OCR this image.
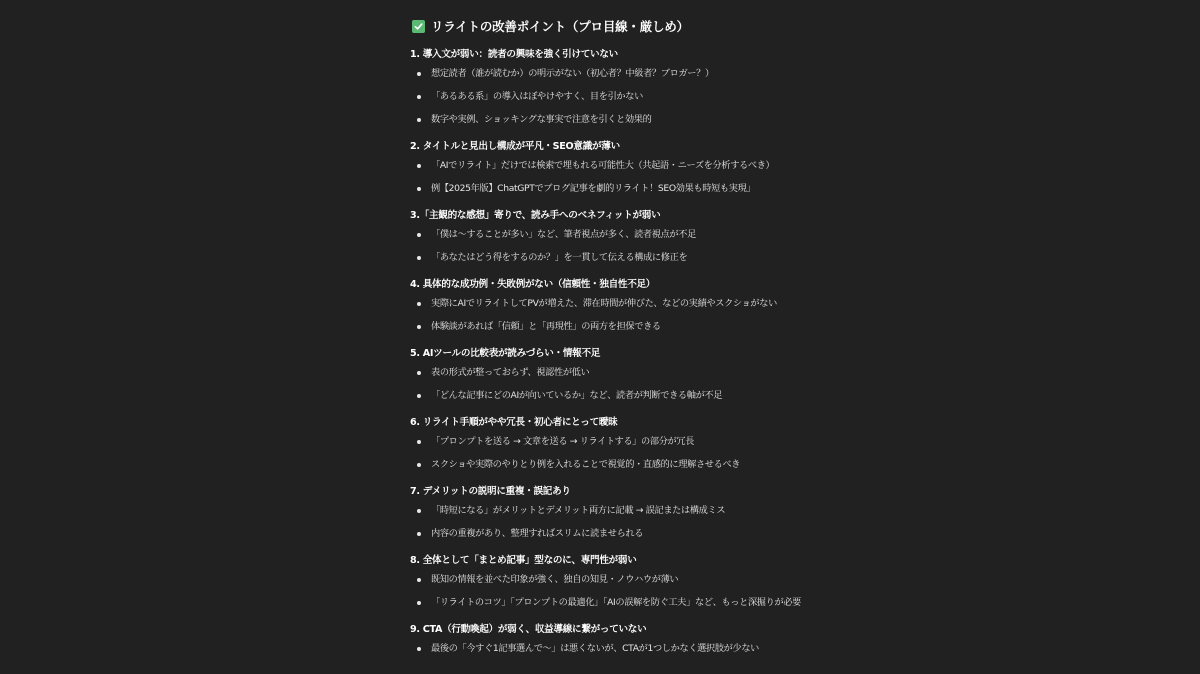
リライトの改善ポイント（プロ目線・厳しめ）
1. 導入文が弱い：読者の興味を強く引けていない
想定読者（誰が読むか）の明示がない（初心者？中級者？ブロガー？）
「あるある系」の導入はぼやけやすく、目を引かない
数字や実例、ショッキングな事実で注意を引くと効果的
2. タイトルと見出し構成が平凡・SEO意識が薄い
「AIでリライト」だけでは検索で埋もれる可能性大（共起語・ニーズを分析するべき）
例【2025年版】ChatGPTでブログ記事を劇的リライト！SEO効果も時短も実現」
3.「主観的な感想」寄りで、読み手へのベネフィットが弱い
「僕は〜することが多い」など、筆者視点が多く、読者視点が不足
「あなたはどう得をするのか？」を一貫して伝える構成に修正を
4. 具体的な成功例・失敗例がない（信頼性・独自性不足）
実際にAIでリライトしてPVが増えた、滞在時間が伸びた、などの実績やスクショがない
体験談があれば「信頼」と「再現性」の両方を担保できる
5. AIツールの比較表が読みづらい・情報不足
表の形式が整っておらず、視認性が低い
「どんな記事にどのAIが向いているか」など、読者が判断できる軸が不足
6. リライト手順がやや冗長・初心者にとって曖昧
「プロンプトを送る → 文章を送る → リライトする」の部分が冗長
スクショや実際のやりとり例を入れることで視覚的・直感的に理解させるべき
7. デメリットの説明に重複・誤記あり
「時短になる」がメリットとデメリット両方に記載 → 誤記または構成ミス
内容の重複があり、整理すればスリムに読ませられる
8. 全体として「まとめ記事」型なのに、専門性が弱い
既知の情報を並べた印象が強く、独自の知見・ノウハウが薄い
「リライトのコツ」「プロンプトの最適化」「AIの誤解を防ぐ工夫」など、もっと深掘りが必要
9. CTA（行動喚起）が弱く、収益導線に繋がっていない
最後の「今すぐ1記事選んで〜」は悪くないが、CTAが1つしかなく選択肢が少ない
